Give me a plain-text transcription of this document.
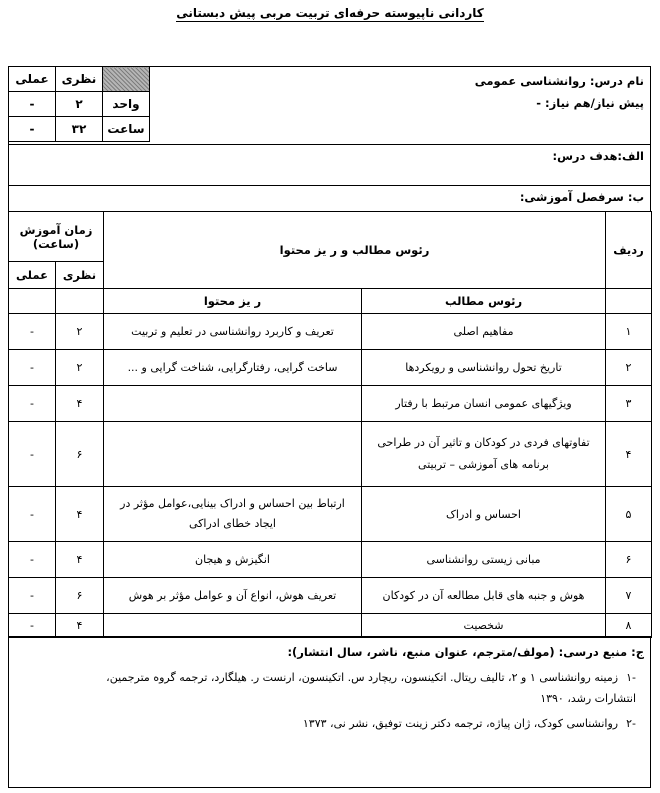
کاردانی ناپیوسته حرفه‌ای تربیت مربی پیش دبستانی
نام درس: روانشناسی عمومی
پیش نیاز/هم نیاز: -
عملی	نظری	
-	۲	واحد
-	۳۲	ساعت
الف:هدف درس:
ب: سرفصل آموزشی:
ردیف	رئوس مطالب و ر یز محتوا		زمان آموزش (ساعت)	
			نظری	عملی
	رئوس مطالب	ر یز محتوا		
۱	مفاهیم اصلی	تعریف و کاربرد روانشناسی در تعلیم و تربیت	۲	-
۲	تاریخ تحول روانشناسی و رویکردها	ساخت گرایی، رفتارگرایی، شناخت گرایی و ...	۲	-
۳	ویژگیهای عمومی انسان مرتبط با رفتار		۴	-
۴	تفاوتهای فردی در کودکان و تاثیر آن در طراحی برنامه های آموزشی – تربیتی		۶	-
۵	احساس و ادراک	ارتباط بین احساس و ادراک بینایی،عوامل مؤثر در ایجاد خطای ادراکی	۴	-
۶	مبانی زیستی روانشناسی	انگیزش و هیجان	۴	-
۷	هوش و جنبه های قابل مطالعه آن در کودکان	تعریف هوش، انواع آن و عوامل مؤثر بر هوش	۶	-
۸	شخصیت		۴	-
ج: منبع درسی: (مولف/مترجم، عنوان منبع، ناشر، سال انتشار):
-۱زمینه روانشناسی ۱ و ۲، تالیف ریتال. اتکینسون، ریچارد س. اتکینسون، ارنست ر. هیلگارد، ترجمه گروه مترجمین،
انتشارات رشد، ۱۳۹۰
-۲روانشناسی کودک، ژان پیاژه، ترجمه دکتر زینت توفیق، نشر نی، ۱۳۷۳
